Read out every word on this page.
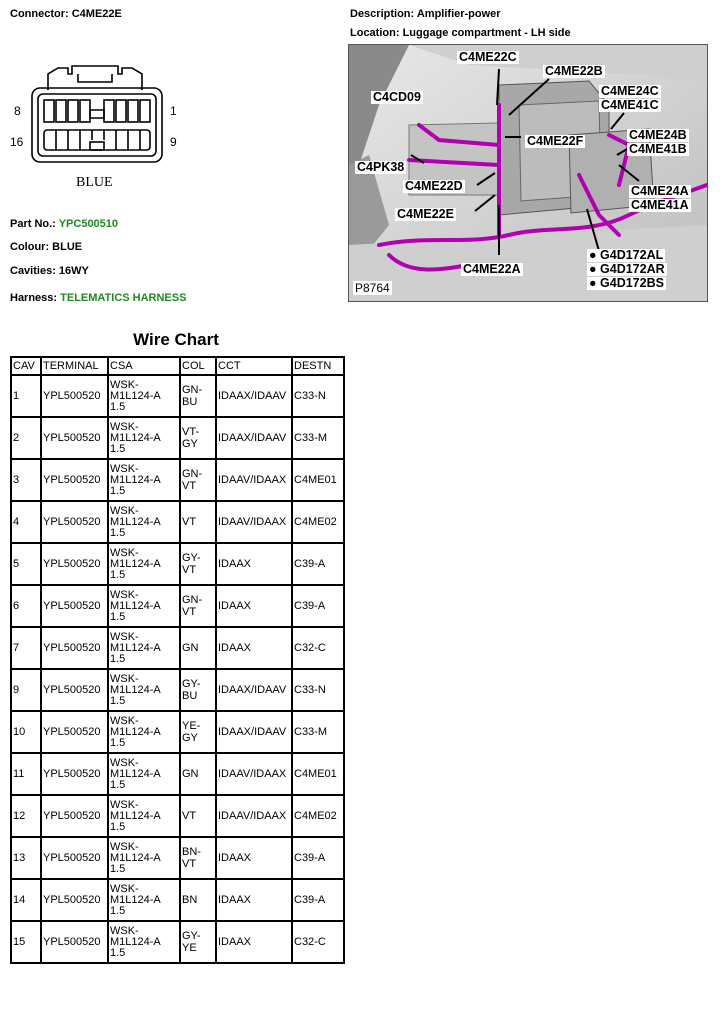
Connector: C4ME22E	Description: Amplifier-power
Location: Luggage compartment - LH side
8	1
16	9
BLUE
Part No.: YPC500510
Colour: BLUE
Cavities: 16WY
Harness: TELEMATICS HARNESS
C4ME22C
C4ME22B
C4CD09	C4ME24C
C4ME41C
C4ME24B
C4ME41B
C4ME22F
C4PK38
C4ME22D	C4ME24A
C4ME41A
C4ME22E
● G4D172AL
● G4D172AR
C4ME22A
● G4D172BS
P8764
Wire Chart
CAV	TERMINAL	CSA	COL	CCT	DESTN
1	YPL500520	WSK-M1L124-A 1.5	GN-BU	IDAAX/IDAAV	C33-N
2	YPL500520	WSK-M1L124-A 1.5	VT-GY	IDAAX/IDAAV	C33-M
3	YPL500520	WSK-M1L124-A 1.5	GN-VT	IDAAV/IDAAX	C4ME01
4	YPL500520	WSK-M1L124-A 1.5	VT	IDAAV/IDAAX	C4ME02
5	YPL500520	WSK-M1L124-A 1.5	GY-VT	IDAAX	C39-A
6	YPL500520	WSK-M1L124-A 1.5	GN-VT	IDAAX	C39-A
7	YPL500520	WSK-M1L124-A 1.5	GN	IDAAX	C32-C
9	YPL500520	WSK-M1L124-A 1.5	GY-BU	IDAAX/IDAAV	C33-N
10	YPL500520	WSK-M1L124-A 1.5	YE-GY	IDAAX/IDAAV	C33-M
11	YPL500520	WSK-M1L124-A 1.5	GN	IDAAV/IDAAX	C4ME01
12	YPL500520	WSK-M1L124-A 1.5	VT	IDAAV/IDAAX	C4ME02
13	YPL500520	WSK-M1L124-A 1.5	BN-VT	IDAAX	C39-A
14	YPL500520	WSK-M1L124-A 1.5	BN	IDAAX	C39-A
15	YPL500520	WSK-M1L124-A 1.5	GY-YE	IDAAX	C32-C
